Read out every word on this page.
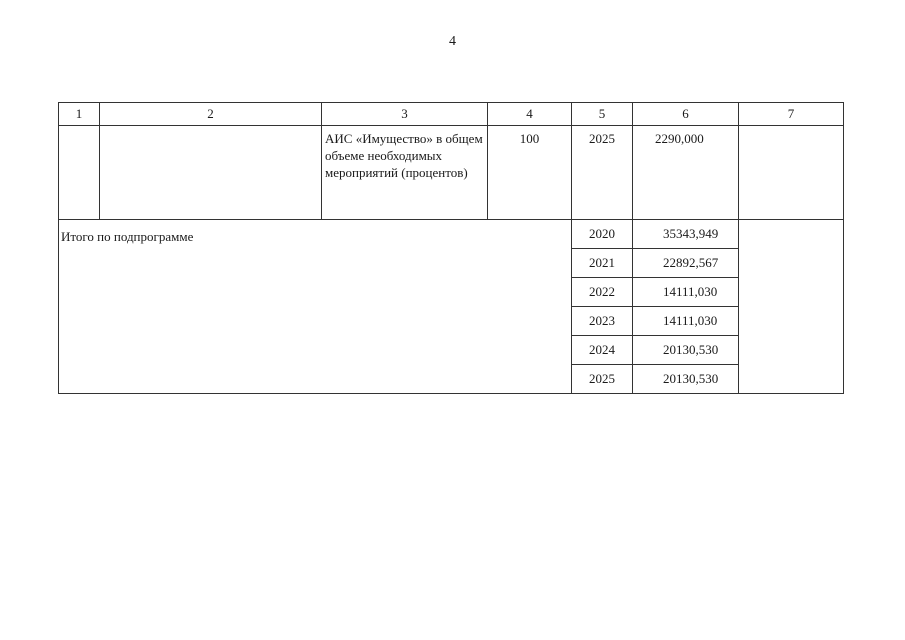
4
1	2	3	4	5	6	7
		АИС «Имущество» в общем объеме необходимых мероприятий (процентов)	100	2025	2290,000	
Итого по подпрограмме				2020	35343,949	
				2021	22892,567	
				2022	14111,030	
				2023	14111,030	
				2024	20130,530	
				2025	20130,530	
